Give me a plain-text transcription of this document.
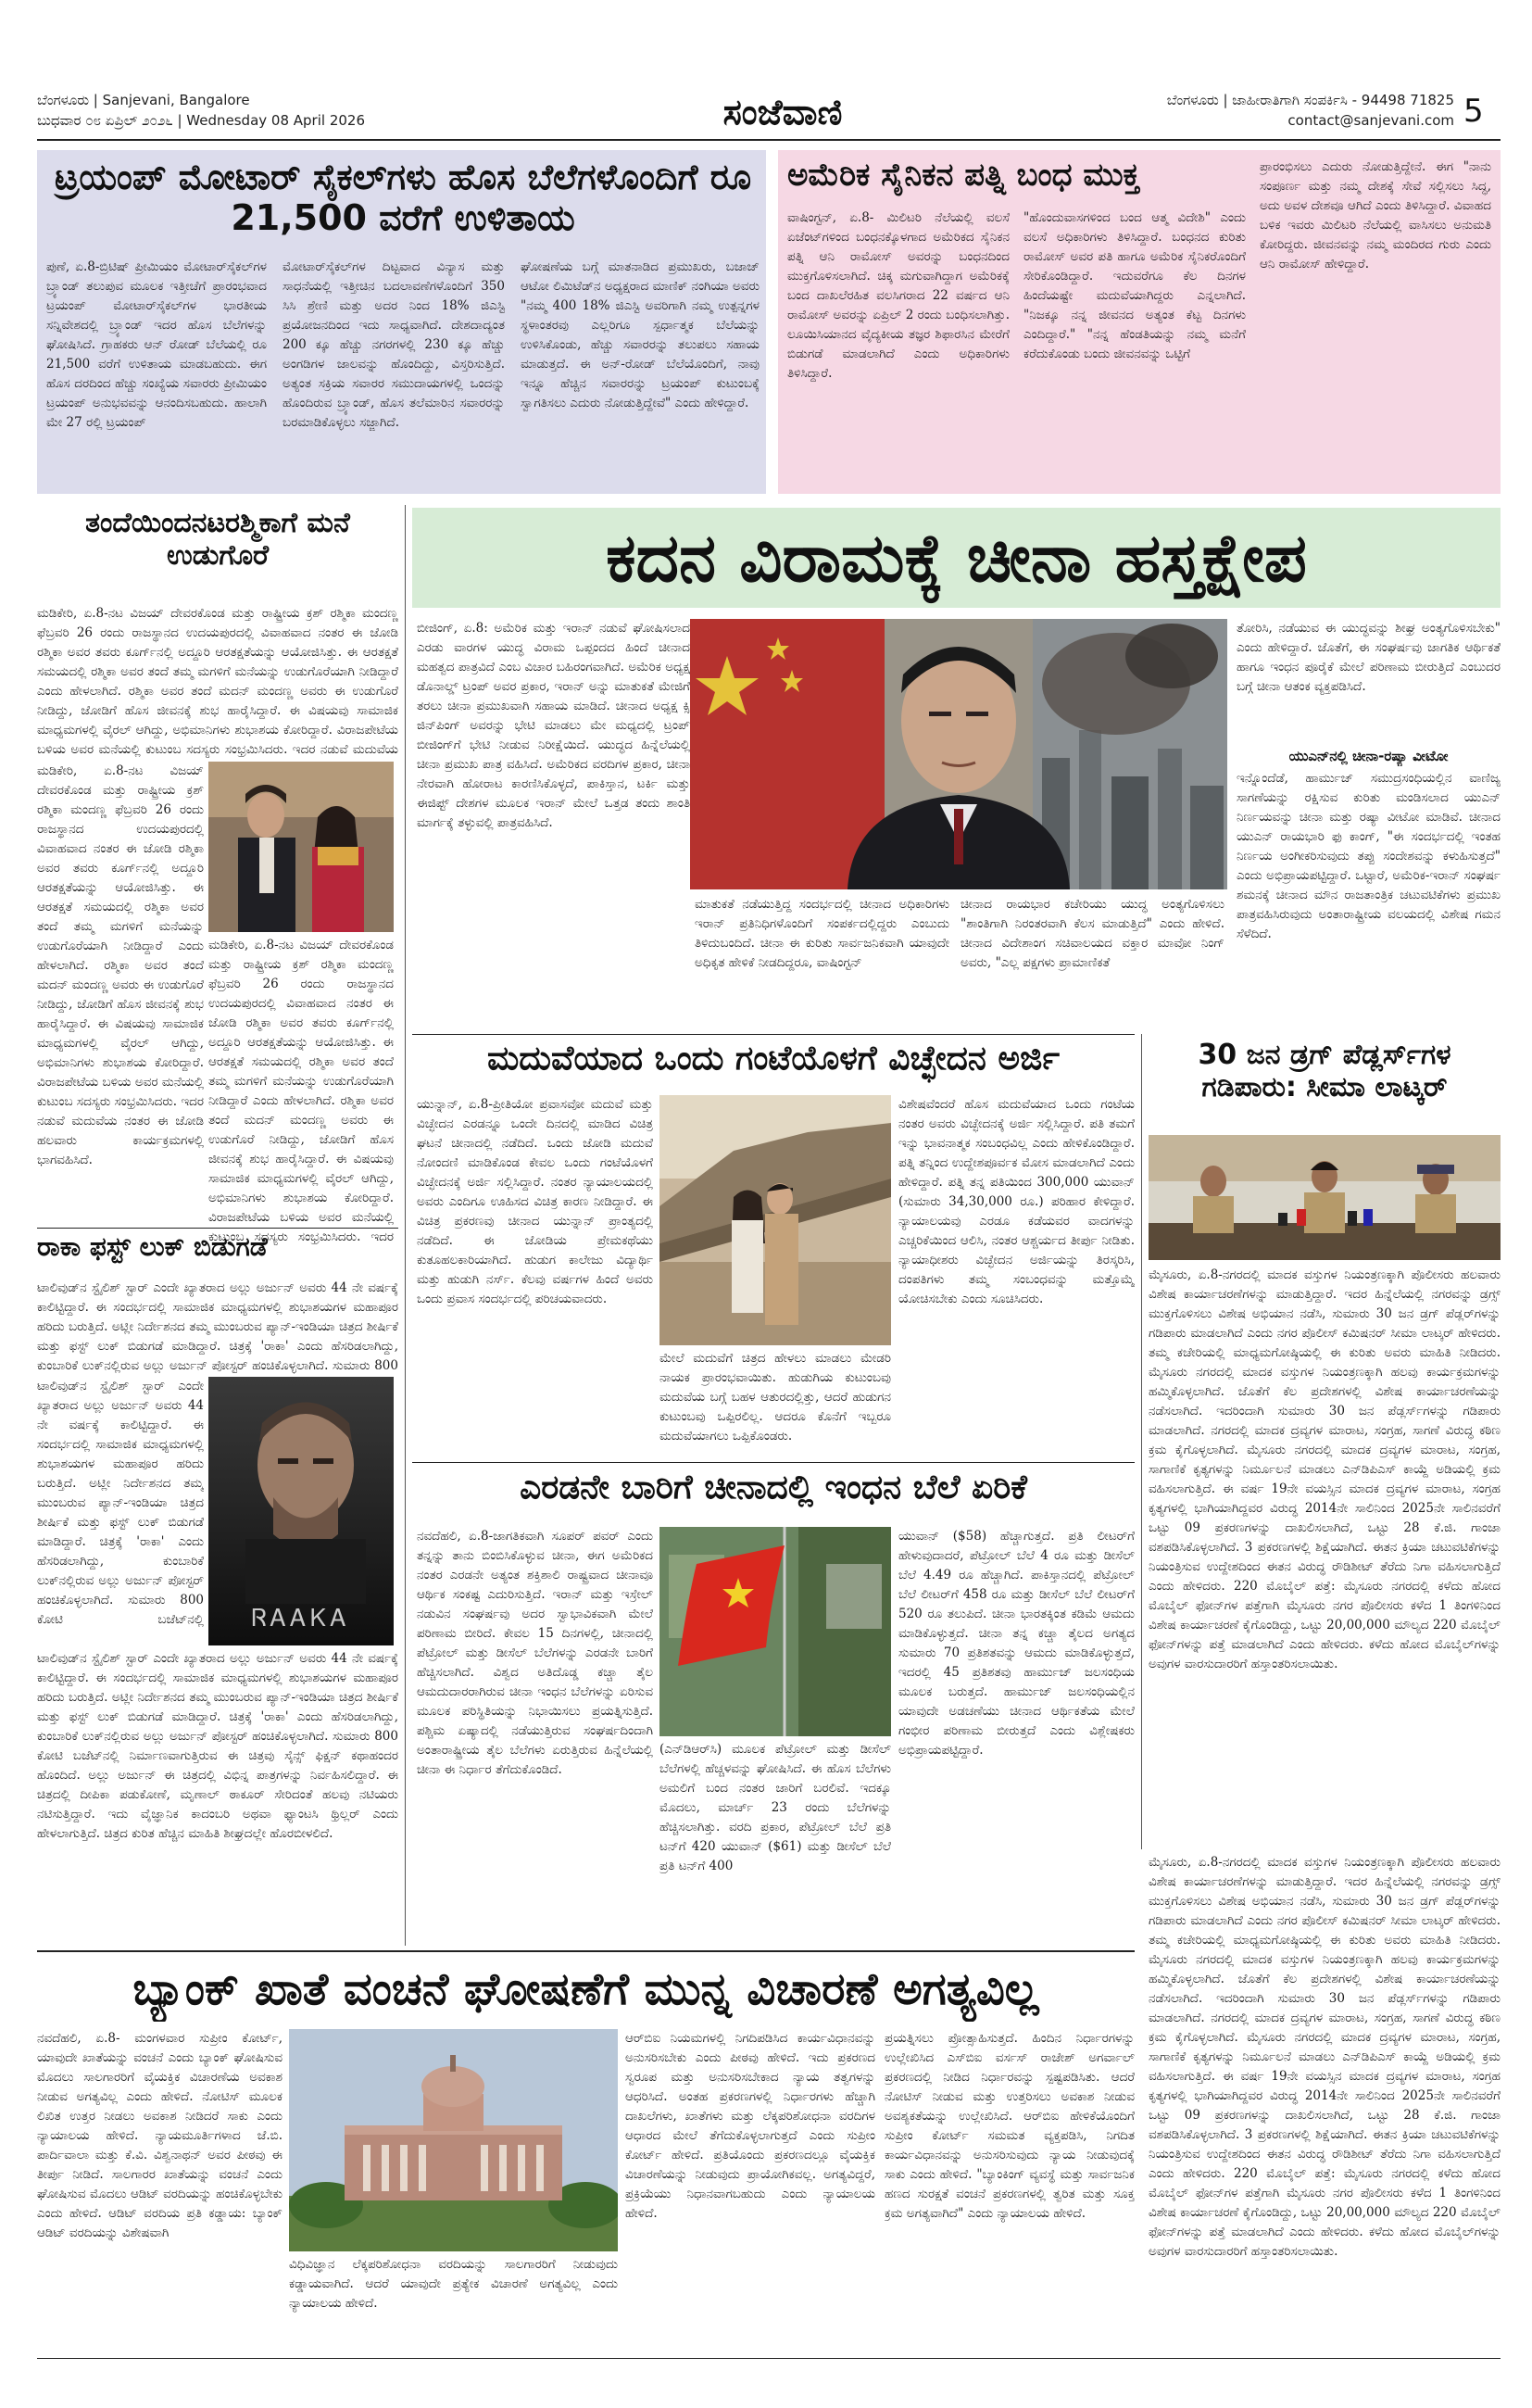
ಬೆಂಗಳೂರು | Sanjevani, Bangalore
ಬುಧವಾರ ೦೮ ಏಪ್ರಿಲ್ ೨೦೨೬ | Wednesday 08 April 2026	ಸಂಜೆವಾಣಿ	ಬೆಂಗಳೂರು | ಜಾಹೀರಾತಿಗಾಗಿ ಸಂಪರ್ಕಿಸಿ - 94498 71825
contact@sanjevani.com 5
ಟ್ರಯಂಪ್ ಮೋಟಾರ್ ಸೈಕಲ್‌ಗಳು ಹೊಸ ಬೆಲೆಗಳೊಂದಿಗೆ ರೂ 21,500 ವರೆಗೆ ಉಳಿತಾಯ
ಪುಣೆ, ಏ.8-ಬ್ರಿಟಿಷ್ ಪ್ರೀಮಿಯಂ ಮೋಟಾರ್‌ಸೈಕಲ್‌ಗಳ ಬ್ರ್ಯಾಂಡ್ ತಲುಪುವ ಮೂಲಕ ಇತ್ತೀಚೆಗೆ ಪ್ರಾರಂಭವಾದ ಟ್ರಯಂಪ್ ಮೋಟಾರ್‌ಸೈಕಲ್‌ಗಳ ಭಾರತೀಯ ಸನ್ನಿವೇಶದಲ್ಲಿ ಬ್ರ್ಯಾಂಡ್ ಇದರ ಹೊಸ ಬೆಲೆಗಳನ್ನು ಘೋಷಿಸಿದೆ. ಗ್ರಾಹಕರು ಆನ್ ರೋಡ್ ಬೆಲೆಯಲ್ಲಿ ರೂ 21,500 ವರೆಗೆ ಉಳಿತಾಯ ಮಾಡಬಹುದು. ಈಗ ಹೊಸ ದರದಿಂದ ಹೆಚ್ಚು ಸಂಖ್ಯೆಯ ಸವಾರರು ಪ್ರೀಮಿಯಂ ಟ್ರಯಂಪ್ ಅನುಭವವನ್ನು ಆನಂದಿಸಬಹುದು. ಹಾಲಾಗಿ ಮೇ 27 ರಲ್ಲಿ ಟ್ರಯಂಪ್
ಮೋಟಾರ್‌ಸೈಕಲ್‌ಗಳ ದಿಟ್ಟವಾದ ವಿನ್ಯಾಸ ಮತ್ತು ಸಾಧನೆಯಲ್ಲಿ ಇತ್ತೀಚಿನ ಬದಲಾವಣೆಗಳೊಂದಿಗೆ 350 ಸಿಸಿ ಶ್ರೇಣಿ ಮತ್ತು ಅದರ ನಿಂದ 18% ಜಿಎಸ್ಟಿ ಪ್ರಯೋಜನದಿಂದ ಇದು ಸಾಧ್ಯವಾಗಿದೆ. ದೇಶದಾದ್ಯಂತ 200 ಕ್ಕೂ ಹೆಚ್ಚು ನಗರಗಳಲ್ಲಿ 230 ಕ್ಕೂ ಹೆಚ್ಚು ಅಂಗಡಿಗಳ ಜಾಲವನ್ನು ಹೊಂದಿದ್ದು, ವಿಸ್ತರಿಸುತ್ತಿದೆ. ಅತ್ಯಂತ ಸಕ್ರಿಯ ಸವಾರರ ಸಮುದಾಯಗಳಲ್ಲಿ ಒಂದನ್ನು ಹೊಂದಿರುವ ಬ್ರ್ಯಾಂಡ್, ಹೊಸ ತಲೆಮಾರಿನ ಸವಾರರನ್ನು ಬರಮಾಡಿಕೊಳ್ಳಲು ಸಜ್ಜಾಗಿದೆ.
ಘೋಷಣೆಯ ಬಗ್ಗೆ ಮಾತನಾಡಿದ ಪ್ರಮುಖರು, ಬಜಾಜ್ ಆಟೋ ಲಿಮಿಟೆಡ್‌ನ ಅಧ್ಯಕ್ಷರಾದ ಮಾಣಿಕ್ ನಂಗಿಯಾ ಅವರು "ನಮ್ಮ 400 18% ಜಿಎಸ್ಟಿ ಅವರಿಗಾಗಿ ನಮ್ಮ ಉತ್ಪನ್ನಗಳ ಸ್ಥಳಾಂತರವು ಎಲ್ಲರಿಗೂ ಸ್ಪರ್ಧಾತ್ಮಕ ಬೆಲೆಯನ್ನು ಉಳಿಸಿಕೊಂಡು, ಹೆಚ್ಚು ಸವಾರರನ್ನು ತಲುಪಲು ಸಹಾಯ ಮಾಡುತ್ತದೆ. ಈ ಅನ್-ರೋಡ್ ಬೆಲೆಯೊಂದಿಗೆ, ನಾವು ಇನ್ನೂ ಹೆಚ್ಚಿನ ಸವಾರರನ್ನು ಟ್ರಯಂಪ್ ಕುಟುಂಬಕ್ಕೆ ಸ್ವಾಗತಿಸಲು ಎದುರು ನೋಡುತ್ತಿದ್ದೇವೆ" ಎಂದು ಹೇಳಿದ್ದಾರೆ.
ಅಮೆರಿಕ ಸೈನಿಕನ ಪತ್ನಿ ಬಂಧ ಮುಕ್ತ
ವಾಷಿಂಗ್ಟನ್, ಏ.8- ಮಿಲಿಟರಿ ನೆಲೆಯಲ್ಲಿ ವಲಸೆ ಏಜೆಂಟ್‌ಗಳಿಂದ ಬಂಧನಕ್ಕೊಳಗಾದ ಅಮೆರಿಕದ ಸೈನಿಕನ ಪತ್ನಿ ಆನಿ ರಾಮೋಸ್ ಅವರನ್ನು ಬಂಧನದಿಂದ ಮುಕ್ತಗೊಳಿಸಲಾಗಿದೆ. ಚಿಕ್ಕ ಮಗುವಾಗಿದ್ದಾಗ ಅಮೆರಿಕಕ್ಕೆ ಬಂದ ದಾಖಲೆರಹಿತ ವಲಸಿಗರಾದ 22 ವರ್ಷದ ಆನಿ ರಾಮೋಸ್ ಅವರನ್ನು ಏಪ್ರಿಲ್ 2 ರಂದು ಬಂಧಿಸಲಾಗಿತ್ತು. ಲೂಯಿಸಿಯಾನದ ವೈದ್ಯಕೀಯ ತಜ್ಞರ ಶಿಫಾರಸಿನ ಮೇರೆಗೆ ಬಿಡುಗಡೆ ಮಾಡಲಾಗಿದೆ ಎಂದು ಅಧಿಕಾರಿಗಳು ತಿಳಿಸಿದ್ದಾರೆ.
"ಹೊಂದುವಾಸಗಳಿಂದ ಬಂದ ಆತ್ಮ ವಿದೇಶಿ" ಎಂದು ವಲಸೆ ಅಧಿಕಾರಿಗಳು ತಿಳಿಸಿದ್ದಾರೆ. ಬಂಧನದ ಕುರಿತು ರಾಮೋಸ್ ಅವರ ಪತಿ ಹಾಗೂ ಅಮೆರಿಕ ಸೈನಿಕರೊಂದಿಗೆ ಸೇರಿಕೊಂಡಿದ್ದಾರೆ. ಇದುವರೆಗೂ ಕೆಲ ದಿನಗಳ ಹಿಂದೆಯಷ್ಟೇ ಮದುವೆಯಾಗಿದ್ದರು ಎನ್ನಲಾಗಿದೆ. "ನಿಜಕ್ಕೂ ನನ್ನ ಜೀವನದ ಅತ್ಯಂತ ಕೆಟ್ಟ ದಿನಗಳು ಎಂದಿದ್ದಾರೆ." "ನನ್ನ ಹೆಂಡತಿಯನ್ನು ನಮ್ಮ ಮನೆಗೆ ಕರೆದುಕೊಂಡು ಬಂದು ಜೀವನವನ್ನು ಒಟ್ಟಿಗೆ
ಪ್ರಾರಂಭಿಸಲು ಎದುರು ನೋಡುತ್ತಿದ್ದೇನೆ. ಈಗ "ನಾನು ಸಂಪೂರ್ಣ ಮತ್ತು ನಮ್ಮ ದೇಶಕ್ಕೆ ಸೇವೆ ಸಲ್ಲಿಸಲು ಸಿದ್ಧ, ಅದು ಅವಳ ದೇಶವೂ ಆಗಿದೆ ಎಂದು ತಿಳಿಸಿದ್ದಾರೆ. ವಿವಾಹದ ಬಳಿಕ ಇವರು ಮಿಲಿಟರಿ ನೆಲೆಯಲ್ಲಿ ವಾಸಿಸಲು ಅನುಮತಿ ಕೋರಿದ್ದರು. ಜೀವನವನ್ನು ನಮ್ಮ ಮಂದಿರದ ಗುರು ಎಂದು ಆನಿ ರಾಮೋಸ್ ಹೇಳಿದ್ದಾರೆ.
ತಂದೆಯಿಂದನಟರಶ್ಮಿಕಾಗೆ ಮನೆ ಉಡುಗೊರೆ
ಮಡಿಕೇರಿ, ಏ.8-ನಟ ವಿಜಯ್ ದೇವರಕೊಂಡ ಮತ್ತು ರಾಷ್ಟ್ರೀಯ ಕ್ರಶ್ ರಶ್ಮಿಕಾ ಮಂದಣ್ಣ ಫೆಬ್ರವರಿ 26 ರಂದು ರಾಜಸ್ಥಾನದ ಉದಯಪುರದಲ್ಲಿ ವಿವಾಹವಾದ ನಂತರ ಈ ಜೋಡಿ ರಶ್ಮಿಕಾ ಅವರ ತವರು ಕೂರ್ಗ್‌ನಲ್ಲಿ ಅದ್ದೂರಿ ಆರತಕ್ಷತೆಯನ್ನು ಆಯೋಜಿಸಿತ್ತು. ಈ ಆರತಕ್ಷತೆ ಸಮಯದಲ್ಲಿ ರಶ್ಮಿಕಾ ಅವರ ತಂದೆ ತಮ್ಮ ಮಗಳಿಗೆ ಮನೆಯನ್ನು ಉಡುಗೊರೆಯಾಗಿ ನೀಡಿದ್ದಾರೆ ಎಂದು ಹೇಳಲಾಗಿದೆ. ರಶ್ಮಿಕಾ ಅವರ ತಂದೆ ಮದನ್ ಮಂದಣ್ಣ ಅವರು ಈ ಉಡುಗೊರೆ ನೀಡಿದ್ದು, ಜೋಡಿಗೆ ಹೊಸ ಜೀವನಕ್ಕೆ ಶುಭ ಹಾರೈಸಿದ್ದಾರೆ. ಈ ವಿಷಯವು ಸಾಮಾಜಿಕ ಮಾಧ್ಯಮಗಳಲ್ಲಿ ವೈರಲ್ ಆಗಿದ್ದು, ಅಭಿಮಾನಿಗಳು ಶುಭಾಶಯ ಕೋರಿದ್ದಾರೆ. ವಿರಾಜಪೇಟೆಯ ಬಳಿಯ ಅವರ ಮನೆಯಲ್ಲಿ ಕುಟುಂಬ ಸದಸ್ಯರು ಸಂಭ್ರಮಿಸಿದರು. ಇದರ ನಡುವೆ ಮದುವೆಯ
ಮಡಿಕೇರಿ, ಏ.8-ನಟ ವಿಜಯ್ ದೇವರಕೊಂಡ ಮತ್ತು ರಾಷ್ಟ್ರೀಯ ಕ್ರಶ್ ರಶ್ಮಿಕಾ ಮಂದಣ್ಣ ಫೆಬ್ರವರಿ 26 ರಂದು ರಾಜಸ್ಥಾನದ ಉದಯಪುರದಲ್ಲಿ ವಿವಾಹವಾದ ನಂತರ ಈ ಜೋಡಿ ರಶ್ಮಿಕಾ ಅವರ ತವರು ಕೂರ್ಗ್‌ನಲ್ಲಿ ಅದ್ದೂರಿ ಆರತಕ್ಷತೆಯನ್ನು ಆಯೋಜಿಸಿತ್ತು. ಈ ಆರತಕ್ಷತೆ ಸಮಯದಲ್ಲಿ ರಶ್ಮಿಕಾ ಅವರ ತಂದೆ ತಮ್ಮ ಮಗಳಿಗೆ ಮನೆಯನ್ನು ಉಡುಗೊರೆಯಾಗಿ ನೀಡಿದ್ದಾರೆ ಎಂದು ಹೇಳಲಾಗಿದೆ. ರಶ್ಮಿಕಾ ಅವರ ತಂದೆ ಮದನ್ ಮಂದಣ್ಣ ಅವರು ಈ ಉಡುಗೊರೆ ನೀಡಿದ್ದು, ಜೋಡಿಗೆ ಹೊಸ ಜೀವನಕ್ಕೆ ಶುಭ ಹಾರೈಸಿದ್ದಾರೆ. ಈ ವಿಷಯವು ಸಾಮಾಜಿಕ ಮಾಧ್ಯಮಗಳಲ್ಲಿ ವೈರಲ್ ಆಗಿದ್ದು, ಅಭಿಮಾನಿಗಳು ಶುಭಾಶಯ ಕೋರಿದ್ದಾರೆ. ವಿರಾಜಪೇಟೆಯ ಬಳಿಯ ಅವರ ಮನೆಯಲ್ಲಿ ಕುಟುಂಬ ಸದಸ್ಯರು ಸಂಭ್ರಮಿಸಿದರು. ಇದರ ನಡುವೆ ಮದುವೆಯ ನಂತರ ಈ ಜೋಡಿ ಹಲವಾರು ಕಾರ್ಯಕ್ರಮಗಳಲ್ಲಿ ಭಾಗವಹಿಸಿದೆ.
ಮಡಿಕೇರಿ, ಏ.8-ನಟ ವಿಜಯ್ ದೇವರಕೊಂಡ ಮತ್ತು ರಾಷ್ಟ್ರೀಯ ಕ್ರಶ್ ರಶ್ಮಿಕಾ ಮಂದಣ್ಣ ಫೆಬ್ರವರಿ 26 ರಂದು ರಾಜಸ್ಥಾನದ ಉದಯಪುರದಲ್ಲಿ ವಿವಾಹವಾದ ನಂತರ ಈ ಜೋಡಿ ರಶ್ಮಿಕಾ ಅವರ ತವರು ಕೂರ್ಗ್‌ನಲ್ಲಿ ಅದ್ದೂರಿ ಆರತಕ್ಷತೆಯನ್ನು ಆಯೋಜಿಸಿತ್ತು. ಈ ಆರತಕ್ಷತೆ ಸಮಯದಲ್ಲಿ ರಶ್ಮಿಕಾ ಅವರ ತಂದೆ ತಮ್ಮ ಮಗಳಿಗೆ ಮನೆಯನ್ನು ಉಡುಗೊರೆಯಾಗಿ ನೀಡಿದ್ದಾರೆ ಎಂದು ಹೇಳಲಾಗಿದೆ. ರಶ್ಮಿಕಾ ಅವರ ತಂದೆ ಮದನ್ ಮಂದಣ್ಣ ಅವರು ಈ ಉಡುಗೊರೆ ನೀಡಿದ್ದು, ಜೋಡಿಗೆ ಹೊಸ ಜೀವನಕ್ಕೆ ಶುಭ ಹಾರೈಸಿದ್ದಾರೆ. ಈ ವಿಷಯವು ಸಾಮಾಜಿಕ ಮಾಧ್ಯಮಗಳಲ್ಲಿ ವೈರಲ್ ಆಗಿದ್ದು, ಅಭಿಮಾನಿಗಳು ಶುಭಾಶಯ ಕೋರಿದ್ದಾರೆ. ವಿರಾಜಪೇಟೆಯ ಬಳಿಯ ಅವರ ಮನೆಯಲ್ಲಿ ಕುಟುಂಬ ಸದಸ್ಯರು ಸಂಭ್ರಮಿಸಿದರು. ಇದರ
ರಾಕಾ ಫಸ್ಟ್ ಲುಕ್ ಬಿಡುಗಡೆ
ಟಾಲಿವುಡ್‌ನ ಸ್ಟೈಲಿಶ್ ಸ್ಟಾರ್ ಎಂದೇ ಖ್ಯಾತರಾದ ಅಲ್ಲು ಅರ್ಜುನ್ ಅವರು 44 ನೇ ವರ್ಷಕ್ಕೆ ಕಾಲಿಟ್ಟಿದ್ದಾರೆ. ಈ ಸಂದರ್ಭದಲ್ಲಿ ಸಾಮಾಜಿಕ ಮಾಧ್ಯಮಗಳಲ್ಲಿ ಶುಭಾಶಯಗಳ ಮಹಾಪೂರ ಹರಿದು ಬರುತ್ತಿದೆ. ಅಟ್ಲೀ ನಿರ್ದೇಶನದ ತಮ್ಮ ಮುಂಬರುವ ಪ್ಯಾನ್-ಇಂಡಿಯಾ ಚಿತ್ರದ ಶೀರ್ಷಿಕೆ ಮತ್ತು ಫಸ್ಟ್ ಲುಕ್ ಬಿಡುಗಡೆ ಮಾಡಿದ್ದಾರೆ. ಚಿತ್ರಕ್ಕೆ 'ರಾಕಾ' ಎಂದು ಹೆಸರಿಡಲಾಗಿದ್ದು, ಕುಂಬಾರಿಕೆ ಲುಕ್‌ನಲ್ಲಿರುವ ಅಲ್ಲು ಅರ್ಜುನ್ ಪೋಸ್ಟರ್ ಹಂಚಿಕೊಳ್ಳಲಾಗಿದೆ. ಸುಮಾರು 800
ಟಾಲಿವುಡ್‌ನ ಸ್ಟೈಲಿಶ್ ಸ್ಟಾರ್ ಎಂದೇ ಖ್ಯಾತರಾದ ಅಲ್ಲು ಅರ್ಜುನ್ ಅವರು 44 ನೇ ವರ್ಷಕ್ಕೆ ಕಾಲಿಟ್ಟಿದ್ದಾರೆ. ಈ ಸಂದರ್ಭದಲ್ಲಿ ಸಾಮಾಜಿಕ ಮಾಧ್ಯಮಗಳಲ್ಲಿ ಶುಭಾಶಯಗಳ ಮಹಾಪೂರ ಹರಿದು ಬರುತ್ತಿದೆ. ಅಟ್ಲೀ ನಿರ್ದೇಶನದ ತಮ್ಮ ಮುಂಬರುವ ಪ್ಯಾನ್-ಇಂಡಿಯಾ ಚಿತ್ರದ ಶೀರ್ಷಿಕೆ ಮತ್ತು ಫಸ್ಟ್ ಲುಕ್ ಬಿಡುಗಡೆ ಮಾಡಿದ್ದಾರೆ. ಚಿತ್ರಕ್ಕೆ 'ರಾಕಾ' ಎಂದು ಹೆಸರಿಡಲಾಗಿದ್ದು, ಕುಂಬಾರಿಕೆ ಲುಕ್‌ನಲ್ಲಿರುವ ಅಲ್ಲು ಅರ್ಜುನ್ ಪೋಸ್ಟರ್ ಹಂಚಿಕೊಳ್ಳಲಾಗಿದೆ. ಸುಮಾರು 800 ಕೋಟಿ ಬಜೆಟ್‌ನಲ್ಲಿ	ᏒᎪᎪᏦᎪ
ಟಾಲಿವುಡ್‌ನ ಸ್ಟೈಲಿಶ್ ಸ್ಟಾರ್ ಎಂದೇ ಖ್ಯಾತರಾದ ಅಲ್ಲು ಅರ್ಜುನ್ ಅವರು 44 ನೇ ವರ್ಷಕ್ಕೆ ಕಾಲಿಟ್ಟಿದ್ದಾರೆ. ಈ ಸಂದರ್ಭದಲ್ಲಿ ಸಾಮಾಜಿಕ ಮಾಧ್ಯಮಗಳಲ್ಲಿ ಶುಭಾಶಯಗಳ ಮಹಾಪೂರ ಹರಿದು ಬರುತ್ತಿದೆ. ಅಟ್ಲೀ ನಿರ್ದೇಶನದ ತಮ್ಮ ಮುಂಬರುವ ಪ್ಯಾನ್-ಇಂಡಿಯಾ ಚಿತ್ರದ ಶೀರ್ಷಿಕೆ ಮತ್ತು ಫಸ್ಟ್ ಲುಕ್ ಬಿಡುಗಡೆ ಮಾಡಿದ್ದಾರೆ. ಚಿತ್ರಕ್ಕೆ 'ರಾಕಾ' ಎಂದು ಹೆಸರಿಡಲಾಗಿದ್ದು, ಕುಂಬಾರಿಕೆ ಲುಕ್‌ನಲ್ಲಿರುವ ಅಲ್ಲು ಅರ್ಜುನ್ ಪೋಸ್ಟರ್ ಹಂಚಿಕೊಳ್ಳಲಾಗಿದೆ. ಸುಮಾರು 800 ಕೋಟಿ ಬಜೆಟ್‌ನಲ್ಲಿ ನಿರ್ಮಾಣವಾಗುತ್ತಿರುವ ಈ ಚಿತ್ರವು ಸೈನ್ಸ್ ಫಿಕ್ಷನ್ ಕಥಾಹಂದರ ಹೊಂದಿದೆ. ಅಲ್ಲು ಅರ್ಜುನ್ ಈ ಚಿತ್ರದಲ್ಲಿ ವಿಭಿನ್ನ ಪಾತ್ರಗಳನ್ನು ನಿರ್ವಹಿಸಲಿದ್ದಾರೆ. ಈ ಚಿತ್ರದಲ್ಲಿ ದೀಪಿಕಾ ಪಡುಕೋಣೆ, ಮೃಣಾಲ್ ಠಾಕೂರ್ ಸೇರಿದಂತೆ ಹಲವು ನಟಿಯರು ನಟಿಸುತ್ತಿದ್ದಾರೆ. ಇದು ವೈಜ್ಞಾನಿಕ ಕಾದಂಬರಿ ಅಥವಾ ಫ್ಯಾಂಟಸಿ ಥ್ರಿಲ್ಲರ್ ಎಂದು ಹೇಳಲಾಗುತ್ತಿದೆ. ಚಿತ್ರದ ಕುರಿತ ಹೆಚ್ಚಿನ ಮಾಹಿತಿ ಶೀಘ್ರದಲ್ಲೇ ಹೊರಬೀಳಲಿದೆ.
ಕದನ ವಿರಾಮಕ್ಕೆ ಚೀನಾ ಹಸ್ತಕ್ಷೇಪ
ಬೀಜಿಂಗ್, ಏ.8: ಅಮೆರಿಕ ಮತ್ತು ಇರಾನ್ ನಡುವೆ ಘೋಷಿಸಲಾದ ಎರಡು ವಾರಗಳ ಯುದ್ಧ ವಿರಾಮ ಒಪ್ಪಂದದ ಹಿಂದೆ ಚೀನಾದ ಮಹತ್ವದ ಪಾತ್ರವಿದೆ ಎಂಬ ವಿಚಾರ ಬಹಿರಂಗವಾಗಿದೆ. ಅಮೆರಿಕ ಅಧ್ಯಕ್ಷ ಡೊನಾಲ್ಡ್ ಟ್ರಂಪ್ ಅವರ ಪ್ರಕಾರ, ಇರಾನ್ ಅನ್ನು ಮಾತುಕತೆ ಮೇಜಿಗೆ ತರಲು ಚೀನಾ ಪ್ರಮುಖವಾಗಿ ಸಹಾಯ ಮಾಡಿದೆ. ಚೀನಾದ ಅಧ್ಯಕ್ಷ ಕ್ಸಿ ಜಿನ್‌ಪಿಂಗ್ ಅವರನ್ನು ಭೇಟಿ ಮಾಡಲು ಮೇ ಮಧ್ಯದಲ್ಲಿ ಟ್ರಂಪ್ ಬೀಜಿಂಗ್‌ಗೆ ಭೇಟಿ ನೀಡುವ ನಿರೀಕ್ಷೆಯಿದೆ. ಯುದ್ಧದ ಹಿನ್ನೆಲೆಯಲ್ಲಿ ಚೀನಾ ಪ್ರಮುಖ ಪಾತ್ರ ವಹಿಸಿದೆ. ಅಮೆರಿಕದ ವರದಿಗಳ ಪ್ರಕಾರ, ಚೀನಾ ನೇರವಾಗಿ ಹೋರಾಟ ಕಾರಣಿಸಿಕೊಳ್ಳದೆ, ಪಾಕಿಸ್ತಾನ, ಟರ್ಕಿ ಮತ್ತು ಈಜಿಪ್ಟ್ ದೇಶಗಳ ಮೂಲಕ ಇರಾನ್ ಮೇಲೆ ಒತ್ತಡ ತಂದು ಶಾಂತಿ ಮಾರ್ಗಕ್ಕೆ ತಳ್ಳುವಲ್ಲಿ ಪಾತ್ರವಹಿಸಿದೆ.
ಮಾತುಕತೆ ನಡೆಯುತ್ತಿದ್ದ ಸಂದರ್ಭದಲ್ಲಿ ಚೀನಾದ ಅಧಿಕಾರಿಗಳು ಇರಾನ್ ಪ್ರತಿನಿಧಿಗಳೊಂದಿಗೆ ಸಂಪರ್ಕದಲ್ಲಿದ್ದರು ಎಂಬುದು ತಿಳಿದುಬಂದಿದೆ. ಚೀನಾ ಈ ಕುರಿತು ಸಾರ್ವಜನಿಕವಾಗಿ ಯಾವುದೇ ಅಧಿಕೃತ ಹೇಳಿಕೆ ನೀಡದಿದ್ದರೂ, ವಾಷಿಂಗ್ಟನ್
ಚೀನಾದ ರಾಯಭಾರ ಕಚೇರಿಯು ಯುದ್ಧ ಅಂತ್ಯಗೊಳಿಸಲು "ಶಾಂತಿಗಾಗಿ ನಿರಂತರವಾಗಿ ಕೆಲಸ ಮಾಡುತ್ತಿದೆ" ಎಂದು ಹೇಳಿದೆ. ಚೀನಾದ ವಿದೇಶಾಂಗ ಸಚಿವಾಲಯದ ವಕ್ತಾರ ಮಾವೋ ನಿಂಗ್ ಅವರು, "ಎಲ್ಲ ಪಕ್ಷಗಳು ಪ್ರಾಮಾಣಿಕತೆ
ತೋರಿಸಿ, ನಡೆಯುವ ಈ ಯುದ್ಧವನ್ನು ಶೀಘ್ರ ಅಂತ್ಯಗೊಳಿಸಬೇಕು" ಎಂದು ಹೇಳಿದ್ದಾರೆ. ಜೊತೆಗೆ, ಈ ಸಂಘರ್ಷವು ಜಾಗತಿಕ ಆರ್ಥಿಕತೆ ಹಾಗೂ ಇಂಧನ ಪೂರೈಕೆ ಮೇಲೆ ಪರಿಣಾಮ ಬೀರುತ್ತಿದೆ ಎಂಬುದರ ಬಗ್ಗೆ ಚೀನಾ ಆತಂಕ ವ್ಯಕ್ತಪಡಿಸಿದೆ.
ಯುಎನ್‌ನಲ್ಲಿ ಚೀನಾ-ರಷ್ಯಾ ವೀಟೋ
ಇನ್ನೊಂದೆಡೆ, ಹಾರ್ಮುಜ್ ಸಮುದ್ರಸಂಧಿಯಲ್ಲಿನ ವಾಣಿಜ್ಯ ಸಾಗಣೆಯನ್ನು ರಕ್ಷಿಸುವ ಕುರಿತು ಮಂಡಿಸಲಾದ ಯುಎನ್ ನಿರ್ಣಯವನ್ನು ಚೀನಾ ಮತ್ತು ರಷ್ಯಾ ವೀಟೋ ಮಾಡಿವೆ. ಚೀನಾದ ಯುಎನ್ ರಾಯಭಾರಿ ಫು ಕಾಂಗ್, "ಈ ಸಂದರ್ಭದಲ್ಲಿ ಇಂತಹ ನಿರ್ಣಯ ಅಂಗೀಕರಿಸುವುದು ತಪ್ಪು ಸಂದೇಶವನ್ನು ಕಳುಹಿಸುತ್ತದೆ" ಎಂದು ಅಭಿಪ್ರಾಯಪಟ್ಟಿದ್ದಾರೆ. ಒಟ್ಟಾರೆ, ಅಮೆರಿಕ-ಇರಾನ್ ಸಂಘರ್ಷ ಶಮನಕ್ಕೆ ಚೀನಾದ ಮೌನ ರಾಜತಾಂತ್ರಿಕ ಚಟುವಟಿಕೆಗಳು ಪ್ರಮುಖ ಪಾತ್ರವಹಿಸಿರುವುದು ಅಂತಾರಾಷ್ಟ್ರೀಯ ವಲಯದಲ್ಲಿ ವಿಶೇಷ ಗಮನ ಸೆಳೆದಿದೆ.
ಮದುವೆಯಾದ ಒಂದು ಗಂಟೆಯೊಳಗೆ ವಿಚ್ಛೇದನ ಅರ್ಜಿ
ಯುನ್ನಾನ್, ಏ.8-ಪ್ರೀತಿಯೋ ಪ್ರವಾಸವೋ ಮದುವೆ ಮತ್ತು ವಿಚ್ಛೇದನ ಎರಡನ್ನೂ ಒಂದೇ ದಿನದಲ್ಲಿ ಮಾಡಿದ ವಿಚಿತ್ರ ಘಟನೆ ಚೀನಾದಲ್ಲಿ ನಡೆದಿದೆ. ಒಂದು ಜೋಡಿ ಮದುವೆ ನೋಂದಣಿ ಮಾಡಿಕೊಂಡ ಕೇವಲ ಒಂದು ಗಂಟೆಯೊಳಗೆ ವಿಚ್ಛೇದನಕ್ಕೆ ಅರ್ಜಿ ಸಲ್ಲಿಸಿದ್ದಾರೆ. ನಂತರ ನ್ಯಾಯಾಲಯದಲ್ಲಿ ಅವರು ಎಂದಿಗೂ ಊಹಿಸದ ವಿಚಿತ್ರ ಕಾರಣ ನೀಡಿದ್ದಾರೆ. ಈ ವಿಚಿತ್ರ ಪ್ರಕರಣವು ಚೀನಾದ ಯುನ್ನಾನ್ ಪ್ರಾಂತ್ಯದಲ್ಲಿ ನಡೆದಿದೆ. ಈ ಜೋಡಿಯ ಪ್ರೇಮಕಥೆಯು ಕುತೂಹಲಕಾರಿಯಾಗಿದೆ. ಹುಡುಗ ಕಾಲೇಜು ವಿದ್ಯಾರ್ಥಿ ಮತ್ತು ಹುಡುಗಿ ನರ್ಸ್. ಕೆಲವು ವರ್ಷಗಳ ಹಿಂದೆ ಅವರು ಒಂದು ಪ್ರವಾಸ ಸಂದರ್ಭದಲ್ಲಿ ಪರಿಚಯವಾದರು.
ಮೇಲೆ ಮದುವೆಗೆ ಚಿತ್ರದ ಹೇಳಲು ಮಾಡಲು ಮೇಡರಿ ನಾಯಕ ಪ್ರಾರಂಭವಾಯಿತು. ಹುಡುಗಿಯ ಕುಟುಂಬವು ಮದುವೆಯ ಬಗ್ಗೆ ಬಹಳ ಆತುರದಲ್ಲಿತ್ತು, ಆದರೆ ಹುಡುಗನ ಕುಟುಂಬವು ಒಪ್ಪಿರಲಿಲ್ಲ. ಆದರೂ ಕೊನೆಗೆ ಇಬ್ಬರೂ ಮದುವೆಯಾಗಲು ಒಪ್ಪಿಕೊಂಡರು.
ವಿಶೇಷವೆಂದರೆ ಹೊಸ ಮದುವೆಯಾದ ಒಂದು ಗಂಟೆಯ ನಂತರ ಅವರು ವಿಚ್ಛೇದನಕ್ಕೆ ಅರ್ಜಿ ಸಲ್ಲಿಸಿದ್ದಾರೆ. ಪತಿ ತಮಗೆ ಇನ್ನು ಭಾವನಾತ್ಮಕ ಸಂಬಂಧವಿಲ್ಲ ಎಂದು ಹೇಳಿಕೊಂಡಿದ್ದಾರೆ. ಪತ್ನಿ ತನ್ನಿಂದ ಉದ್ದೇಶಪೂರ್ವಕ ಮೋಸ ಮಾಡಲಾಗಿದೆ ಎಂದು ಹೇಳಿದ್ದಾರೆ. ಪತ್ನಿ ತನ್ನ ಪತಿಯಿಂದ 300,000 ಯುವಾನ್ (ಸುಮಾರು 34,30,000 ರೂ.) ಪರಿಹಾರ ಕೇಳಿದ್ದಾರೆ. ನ್ಯಾಯಾಲಯವು ಎರಡೂ ಕಡೆಯವರ ವಾದಗಳನ್ನು ಎಚ್ಚರಿಕೆಯಿಂದ ಆಲಿಸಿ, ನಂತರ ಆಶ್ಚರ್ಯದ ತೀರ್ಪು ನೀಡಿತು. ನ್ಯಾಯಾಧೀಶರು ವಿಚ್ಛೇದನ ಅರ್ಜಿಯನ್ನು ತಿರಸ್ಕರಿಸಿ, ದಂಪತಿಗಳು ತಮ್ಮ ಸಂಬಂಧವನ್ನು ಮತ್ತೊಮ್ಮೆ ಯೋಚಿಸಬೇಕು ಎಂದು ಸೂಚಿಸಿದರು.
30 ಜನ ಡ್ರಗ್ ಪೆಡ್ಲರ್ಸ್‌ಗಳ ಗಡಿಪಾರು: ಸೀಮಾ ಲಾಟ್ಕರ್
ಮೈಸೂರು, ಏ.8-ನಗರದಲ್ಲಿ ಮಾದಕ ವಸ್ತುಗಳ ನಿಯಂತ್ರಣಕ್ಕಾಗಿ ಪೊಲೀಸರು ಹಲವಾರು ವಿಶೇಷ ಕಾರ್ಯಾಚರಣೆಗಳನ್ನು ಮಾಡುತ್ತಿದ್ದಾರೆ. ಇದರ ಹಿನ್ನೆಲೆಯಲ್ಲಿ ನಗರವನ್ನು ಡ್ರಗ್ಸ್ ಮುಕ್ತಗೊಳಿಸಲು ವಿಶೇಷ ಅಭಿಯಾನ ನಡೆಸಿ, ಸುಮಾರು 30 ಜನ ಡ್ರಗ್ ಪೆಡ್ಲರ್‌ಗಳನ್ನು ಗಡಿಪಾರು ಮಾಡಲಾಗಿದೆ ಎಂದು ನಗರ ಪೊಲೀಸ್ ಕಮಿಷನರ್ ಸೀಮಾ ಲಾಟ್ಕರ್ ಹೇಳಿದರು. ತಮ್ಮ ಕಚೇರಿಯಲ್ಲಿ ಮಾಧ್ಯಮಗೋಷ್ಠಿಯಲ್ಲಿ ಈ ಕುರಿತು ಅವರು ಮಾಹಿತಿ ನೀಡಿದರು. ಮೈಸೂರು ನಗರದಲ್ಲಿ ಮಾದಕ ವಸ್ತುಗಳ ನಿಯಂತ್ರಣಕ್ಕಾಗಿ ಹಲವು ಕಾರ್ಯಕ್ರಮಗಳನ್ನು ಹಮ್ಮಿಕೊಳ್ಳಲಾಗಿದೆ. ಜೊತೆಗೆ ಕೆಲ ಪ್ರದೇಶಗಳಲ್ಲಿ ವಿಶೇಷ ಕಾರ್ಯಾಚರಣೆಯನ್ನು ನಡೆಸಲಾಗಿದೆ. ಇದರಿಂದಾಗಿ ಸುಮಾರು 30 ಜನ ಪೆಡ್ಲರ್ಸ್‌ಗಳನ್ನು ಗಡಿಪಾರು ಮಾಡಲಾಗಿದೆ. ನಗರದಲ್ಲಿ ಮಾದಕ ದ್ರವ್ಯಗಳ ಮಾರಾಟ, ಸಂಗ್ರಹ, ಸಾಗಣೆ ವಿರುದ್ಧ ಕಠಿಣ ಕ್ರಮ ಕೈಗೊಳ್ಳಲಾಗಿದೆ. ಮೈಸೂರು ನಗರದಲ್ಲಿ ಮಾದಕ ದ್ರವ್ಯಗಳ ಮಾರಾಟ, ಸಂಗ್ರಹ, ಸಾಗಾಣಿಕೆ ಕೃತ್ಯಗಳನ್ನು ನಿರ್ಮೂಲನೆ ಮಾಡಲು ಎನ್‌ಡಿಪಿಎಸ್ ಕಾಯ್ದೆ ಅಡಿಯಲ್ಲಿ ಕ್ರಮ ವಹಿಸಲಾಗುತ್ತಿದೆ. ಈ ವರ್ಷ 19ನೇ ವಯಸ್ಸಿನ ಮಾದಕ ದ್ರವ್ಯಗಳ ಮಾರಾಟ, ಸಂಗ್ರಹ ಕೃತ್ಯಗಳಲ್ಲಿ ಭಾಗಿಯಾಗಿದ್ದವರ ವಿರುದ್ಧ 2014ನೇ ಸಾಲಿನಿಂದ 2025ನೇ ಸಾಲಿನವರೆಗೆ ಒಟ್ಟು 09 ಪ್ರಕರಣಗಳನ್ನು ದಾಖಲಿಸಲಾಗಿದೆ, ಒಟ್ಟು 28 ಕೆ.ಜಿ. ಗಾಂಜಾ ವಶಪಡಿಸಿಕೊಳ್ಳಲಾಗಿದೆ. 3 ಪ್ರಕರಣಗಳಲ್ಲಿ ಶಿಕ್ಷೆಯಾಗಿದೆ. ಈತನ ಕ್ರಿಯಾ ಚಟುವಟಿಕೆಗಳನ್ನು ನಿಯಂತ್ರಿಸುವ ಉದ್ದೇಶದಿಂದ ಈತನ ವಿರುದ್ಧ ರೌಡಿಶೀಟ್ ತೆರೆದು ನಿಗಾ ವಹಿಸಲಾಗುತ್ತಿದೆ ಎಂದು ಹೇಳಿದರು. 220 ಮೊಬೈಲ್ ಪತ್ತೆ: ಮೈಸೂರು ನಗರದಲ್ಲಿ ಕಳೆದು ಹೋದ ಮೊಬೈಲ್ ಫೋನ್‌ಗಳ ಪತ್ತೆಗಾಗಿ ಮೈಸೂರು ನಗರ ಪೊಲೀಸರು ಕಳೆದ 1 ತಿಂಗಳಿನಿಂದ ವಿಶೇಷ ಕಾರ್ಯಾಚರಣೆ ಕೈಗೊಂಡಿದ್ದು, ಒಟ್ಟು 20,00,000 ಮೌಲ್ಯದ 220 ಮೊಬೈಲ್ ಫೋನ್‌ಗಳನ್ನು ಪತ್ತೆ ಮಾಡಲಾಗಿದೆ ಎಂದು ಹೇಳಿದರು. ಕಳೆದು ಹೋದ ಮೊಬೈಲ್‌ಗಳನ್ನು ಅವುಗಳ ವಾರಸುದಾರರಿಗೆ ಹಸ್ತಾಂತರಿಸಲಾಯಿತು.
ಎರಡನೇ ಬಾರಿಗೆ ಚೀನಾದಲ್ಲಿ ಇಂಧನ ಬೆಲೆ ಏರಿಕೆ
ನವದೆಹಲಿ, ಏ.8-ಜಾಗತಿಕವಾಗಿ ಸೂಪರ್ ಪವರ್ ಎಂದು ತನ್ನನ್ನು ತಾನು ಬಿಂಬಿಸಿಕೊಳ್ಳುವ ಚೀನಾ, ಈಗ ಅಮೆರಿಕದ ನಂತರ ಎರಡನೇ ಅತ್ಯಂತ ಶಕ್ತಿಶಾಲಿ ರಾಷ್ಟ್ರವಾದ ಚೀನಾವೂ ಆರ್ಥಿಕ ಸಂಕಷ್ಟ ಎದುರಿಸುತ್ತಿದೆ. ಇರಾನ್ ಮತ್ತು ಇಸ್ರೇಲ್ ನಡುವಿನ ಸಂಘರ್ಷವು ಅದರ ಸ್ವಾಭಾವಿಕವಾಗಿ ಮೇಲೆ ಪರಿಣಾಮ ಬೀರಿದೆ. ಕೇವಲ 15 ದಿನಗಳಲ್ಲಿ, ಚೀನಾದಲ್ಲಿ ಪೆಟ್ರೋಲ್ ಮತ್ತು ಡೀಸೆಲ್ ಬೆಲೆಗಳನ್ನು ಎರಡನೇ ಬಾರಿಗೆ ಹೆಚ್ಚಿಸಲಾಗಿದೆ. ವಿಶ್ವದ ಅತಿದೊಡ್ಡ ಕಚ್ಚಾ ತೈಲ ಆಮದುದಾರರಾಗಿರುವ ಚೀನಾ ಇಂಧನ ಬೆಲೆಗಳನ್ನು ಏರಿಸುವ ಮೂಲಕ ಪರಿಸ್ಥಿತಿಯನ್ನು ನಿಭಾಯಿಸಲು ಪ್ರಯತ್ನಿಸುತ್ತಿದೆ. ಪಶ್ಚಿಮ ಏಷ್ಯಾದಲ್ಲಿ ನಡೆಯುತ್ತಿರುವ ಸಂಘರ್ಷದಿಂದಾಗಿ ಅಂತಾರಾಷ್ಟ್ರೀಯ ತೈಲ ಬೆಲೆಗಳು ಏರುತ್ತಿರುವ ಹಿನ್ನೆಲೆಯಲ್ಲಿ ಚೀನಾ ಈ ನಿರ್ಧಾರ ತೆಗೆದುಕೊಂಡಿದೆ.
(ಎನ್‌ಡಿಆರ್‌ಸಿ) ಮೂಲಕ ಪೆಟ್ರೋಲ್ ಮತ್ತು ಡೀಸೆಲ್ ಬೆಲೆಗಳಲ್ಲಿ ಹೆಚ್ಚಳವನ್ನು ಘೋಷಿಸಿದೆ. ಈ ಹೊಸ ಬೆಲೆಗಳು ಅಮಲಿಗೆ ಬಂದ ನಂತರ ಜಾರಿಗೆ ಬರಲಿವೆ. ಇದಕ್ಕೂ ಮೊದಲು, ಮಾರ್ಚ್ 23 ರಂದು ಬೆಲೆಗಳನ್ನು ಹೆಚ್ಚಿಸಲಾಗಿತ್ತು. ವರದಿ ಪ್ರಕಾರ, ಪೆಟ್ರೋಲ್ ಬೆಲೆ ಪ್ರತಿ ಟನ್‌ಗೆ 420 ಯುವಾನ್ ($61) ಮತ್ತು ಡೀಸೆಲ್ ಬೆಲೆ ಪ್ರತಿ ಟನ್‌ಗೆ 400
ಯುವಾನ್ ($58) ಹೆಚ್ಚಾಗುತ್ತದೆ. ಪ್ರತಿ ಲೀಟರ್‌ಗೆ ಹೇಳುವುದಾದರೆ, ಪೆಟ್ರೋಲ್ ಬೆಲೆ 4 ರೂ ಮತ್ತು ಡೀಸೆಲ್ ಬೆಲೆ 4.49 ರೂ ಹೆಚ್ಚಾಗಿದೆ. ಪಾಕಿಸ್ತಾನದಲ್ಲಿ ಪೆಟ್ರೋಲ್ ಬೆಲೆ ಲೀಟರ್‌ಗೆ 458 ರೂ ಮತ್ತು ಡೀಸೆಲ್ ಬೆಲೆ ಲೀಟರ್‌ಗೆ 520 ರೂ ತಲುಪಿದೆ. ಚೀನಾ ಭಾರತಕ್ಕಿಂತ ಕಡಿಮೆ ಆಮದು ಮಾಡಿಕೊಳ್ಳುತ್ತದೆ. ಚೀನಾ ತನ್ನ ಕಚ್ಚಾ ತೈಲದ ಅಗತ್ಯದ ಸುಮಾರು 70 ಪ್ರತಿಶತವನ್ನು ಆಮದು ಮಾಡಿಕೊಳ್ಳುತ್ತದೆ, ಇದರಲ್ಲಿ 45 ಪ್ರತಿಶತವು ಹಾರ್ಮುಜ್ ಜಲಸಂಧಿಯ ಮೂಲಕ ಬರುತ್ತದೆ. ಹಾರ್ಮುಜ್ ಜಲಸಂಧಿಯಲ್ಲಿನ ಯಾವುದೇ ಅಡಚಣೆಯು ಚೀನಾದ ಆರ್ಥಿಕತೆಯ ಮೇಲೆ ಗಂಭೀರ ಪರಿಣಾಮ ಬೀರುತ್ತದೆ ಎಂದು ವಿಶ್ಲೇಷಕರು ಅಭಿಪ್ರಾಯಪಟ್ಟಿದ್ದಾರೆ.
ಬ್ಯಾಂಕ್ ಖಾತೆ ವಂಚನೆ ಘೋಷಣೆಗೆ ಮುನ್ನ ವಿಚಾರಣೆ ಅಗತ್ಯವಿಲ್ಲ
ನವದೆಹಲಿ, ಏ.8- ಮಂಗಳವಾರ ಸುಪ್ರೀಂ ಕೋರ್ಟ್, ಯಾವುದೇ ಖಾತೆಯನ್ನು ವಂಚನೆ ಎಂದು ಬ್ಯಾಂಕ್ ಘೋಷಿಸುವ ಮೊದಲು ಸಾಲಗಾರರಿಗೆ ವೈಯಕ್ತಿಕ ವಿಚಾರಣೆಯ ಅವಕಾಶ ನೀಡುವ ಅಗತ್ಯವಿಲ್ಲ ಎಂದು ಹೇಳಿದೆ. ನೋಟಿಸ್ ಮೂಲಕ ಲಿಖಿತ ಉತ್ತರ ನೀಡಲು ಅವಕಾಶ ನೀಡಿದರೆ ಸಾಕು ಎಂದು ನ್ಯಾಯಾಲಯ ಹೇಳಿದೆ. ನ್ಯಾಯಮೂರ್ತಿಗಳಾದ ಜೆ.ಬಿ. ಪಾರ್ದಿವಾಲಾ ಮತ್ತು ಕೆ.ವಿ. ವಿಶ್ವನಾಥನ್ ಅವರ ಪೀಠವು ಈ ತೀರ್ಪು ನೀಡಿದೆ. ಸಾಲಗಾರರ ಖಾತೆಯನ್ನು ವಂಚನೆ ಎಂದು ಘೋಷಿಸುವ ಮೊದಲು ಆಡಿಟ್ ವರದಿಯನ್ನು ಹಂಚಿಕೊಳ್ಳಬೇಕು ಎಂದು ಹೇಳಿದೆ. ಆಡಿಟ್ ವರದಿಯ ಪ್ರತಿ ಕಡ್ಡಾಯ: ಬ್ಯಾಂಕ್ ಆಡಿಟ್ ವರದಿಯನ್ನು ವಿಶೇಷವಾಗಿ
ವಿಧಿವಿಜ್ಞಾನ ಲೆಕ್ಕಪರಿಶೋಧನಾ ವರದಿಯನ್ನು ಸಾಲಗಾರರಿಗೆ ನೀಡುವುದು ಕಡ್ಡಾಯವಾಗಿದೆ. ಆದರೆ ಯಾವುದೇ ಪ್ರತ್ಯೇಕ ವಿಚಾರಣೆ ಅಗತ್ಯವಿಲ್ಲ ಎಂದು ನ್ಯಾಯಾಲಯ ಹೇಳಿದೆ.
ಆರ್‌ಬಿಐ ನಿಯಮಗಳಲ್ಲಿ ನಿಗದಿಪಡಿಸಿದ ಕಾರ್ಯವಿಧಾನವನ್ನು ಅನುಸರಿಸಬೇಕು ಎಂದು ಪೀಠವು ಹೇಳಿದೆ. ಇದು ಪ್ರಕರಣದ ಸ್ವರೂಪ ಮತ್ತು ಅನುಸರಿಸಬೇಕಾದ ನ್ಯಾಯ ತತ್ವಗಳನ್ನು ಆಧರಿಸಿದೆ. ಅಂತಹ ಪ್ರಕರಣಗಳಲ್ಲಿ ನಿರ್ಧಾರಗಳು ಹೆಚ್ಚಾಗಿ ದಾಖಲೆಗಳು, ಖಾತೆಗಳು ಮತ್ತು ಲೆಕ್ಕಪರಿಶೋಧನಾ ವರದಿಗಳ ಆಧಾರದ ಮೇಲೆ ತೆಗೆದುಕೊಳ್ಳಲಾಗುತ್ತದೆ ಎಂದು ಸುಪ್ರೀಂ ಕೋರ್ಟ್ ಹೇಳಿದೆ. ಪ್ರತಿಯೊಂದು ಪ್ರಕರಣದಲ್ಲೂ ವೈಯಕ್ತಿಕ ವಿಚಾರಣೆಯನ್ನು ನೀಡುವುದು ಪ್ರಾಯೋಗಿಕವಲ್ಲ. ಅಗತ್ಯವಿದ್ದರೆ, ಪ್ರಕ್ರಿಯೆಯು ನಿಧಾನವಾಗಬಹುದು ಎಂದು ನ್ಯಾಯಾಲಯ ಹೇಳಿದೆ.
ಪ್ರಯತ್ನಿಸಲು ಪ್ರೋತ್ಸಾಹಿಸುತ್ತದೆ. ಹಿಂದಿನ ನಿರ್ಧಾರಗಳನ್ನು ಉಲ್ಲೇಖಿಸಿದ ಎಸ್‌ಬಿಐ ವರ್ಸಸ್ ರಾಜೇಶ್ ಅಗರ್ವಾಲ್ ಪ್ರಕರಣದಲ್ಲಿ ನೀಡಿದ ನಿರ್ಧಾರವನ್ನು ಸ್ಪಷ್ಟಪಡಿಸಿತು. ಆದರೆ ನೋಟಿಸ್ ನೀಡುವ ಮತ್ತು ಉತ್ತರಿಸಲು ಅವಕಾಶ ನೀಡುವ ಅವಶ್ಯಕತೆಯನ್ನು ಉಲ್ಲೇಖಿಸಿದೆ. ಆರ್‌ಬಿಐ ಹೇಳಿಕೆಯೊಂದಿಗೆ ಸುಪ್ರೀಂ ಕೋರ್ಟ್ ಸಮಮತ ವ್ಯಕ್ತಪಡಿಸಿ, ನಿಗದಿತ ಕಾರ್ಯವಿಧಾನವನ್ನು ಅನುಸರಿಸುವುದು ನ್ಯಾಯ ನೀಡುವುದಕ್ಕೆ ಸಾಕು ಎಂದು ಹೇಳಿದೆ. "ಬ್ಯಾಂಕಿಂಗ್ ವ್ಯವಸ್ಥೆ ಮತ್ತು ಸಾರ್ವಜನಿಕ ಹಣದ ಸುರಕ್ಷತೆ ವಂಚನೆ ಪ್ರಕರಣಗಳಲ್ಲಿ ತ್ವರಿತ ಮತ್ತು ಸೂಕ್ತ ಕ್ರಮ ಅಗತ್ಯವಾಗಿದೆ" ಎಂದು ನ್ಯಾಯಾಲಯ ಹೇಳಿದೆ.
ಮೈಸೂರು, ಏ.8-ನಗರದಲ್ಲಿ ಮಾದಕ ವಸ್ತುಗಳ ನಿಯಂತ್ರಣಕ್ಕಾಗಿ ಪೊಲೀಸರು ಹಲವಾರು ವಿಶೇಷ ಕಾರ್ಯಾಚರಣೆಗಳನ್ನು ಮಾಡುತ್ತಿದ್ದಾರೆ. ಇದರ ಹಿನ್ನೆಲೆಯಲ್ಲಿ ನಗರವನ್ನು ಡ್ರಗ್ಸ್ ಮುಕ್ತಗೊಳಿಸಲು ವಿಶೇಷ ಅಭಿಯಾನ ನಡೆಸಿ, ಸುಮಾರು 30 ಜನ ಡ್ರಗ್ ಪೆಡ್ಲರ್‌ಗಳನ್ನು ಗಡಿಪಾರು ಮಾಡಲಾಗಿದೆ ಎಂದು ನಗರ ಪೊಲೀಸ್ ಕಮಿಷನರ್ ಸೀಮಾ ಲಾಟ್ಕರ್ ಹೇಳಿದರು. ತಮ್ಮ ಕಚೇರಿಯಲ್ಲಿ ಮಾಧ್ಯಮಗೋಷ್ಠಿಯಲ್ಲಿ ಈ ಕುರಿತು ಅವರು ಮಾಹಿತಿ ನೀಡಿದರು. ಮೈಸೂರು ನಗರದಲ್ಲಿ ಮಾದಕ ವಸ್ತುಗಳ ನಿಯಂತ್ರಣಕ್ಕಾಗಿ ಹಲವು ಕಾರ್ಯಕ್ರಮಗಳನ್ನು ಹಮ್ಮಿಕೊಳ್ಳಲಾಗಿದೆ. ಜೊತೆಗೆ ಕೆಲ ಪ್ರದೇಶಗಳಲ್ಲಿ ವಿಶೇಷ ಕಾರ್ಯಾಚರಣೆಯನ್ನು ನಡೆಸಲಾಗಿದೆ. ಇದರಿಂದಾಗಿ ಸುಮಾರು 30 ಜನ ಪೆಡ್ಲರ್ಸ್‌ಗಳನ್ನು ಗಡಿಪಾರು ಮಾಡಲಾಗಿದೆ. ನಗರದಲ್ಲಿ ಮಾದಕ ದ್ರವ್ಯಗಳ ಮಾರಾಟ, ಸಂಗ್ರಹ, ಸಾಗಣೆ ವಿರುದ್ಧ ಕಠಿಣ ಕ್ರಮ ಕೈಗೊಳ್ಳಲಾಗಿದೆ. ಮೈಸೂರು ನಗರದಲ್ಲಿ ಮಾದಕ ದ್ರವ್ಯಗಳ ಮಾರಾಟ, ಸಂಗ್ರಹ, ಸಾಗಾಣಿಕೆ ಕೃತ್ಯಗಳನ್ನು ನಿರ್ಮೂಲನೆ ಮಾಡಲು ಎನ್‌ಡಿಪಿಎಸ್ ಕಾಯ್ದೆ ಅಡಿಯಲ್ಲಿ ಕ್ರಮ ವಹಿಸಲಾಗುತ್ತಿದೆ. ಈ ವರ್ಷ 19ನೇ ವಯಸ್ಸಿನ ಮಾದಕ ದ್ರವ್ಯಗಳ ಮಾರಾಟ, ಸಂಗ್ರಹ ಕೃತ್ಯಗಳಲ್ಲಿ ಭಾಗಿಯಾಗಿದ್ದವರ ವಿರುದ್ಧ 2014ನೇ ಸಾಲಿನಿಂದ 2025ನೇ ಸಾಲಿನವರೆಗೆ ಒಟ್ಟು 09 ಪ್ರಕರಣಗಳನ್ನು ದಾಖಲಿಸಲಾಗಿದೆ, ಒಟ್ಟು 28 ಕೆ.ಜಿ. ಗಾಂಜಾ ವಶಪಡಿಸಿಕೊಳ್ಳಲಾಗಿದೆ. 3 ಪ್ರಕರಣಗಳಲ್ಲಿ ಶಿಕ್ಷೆಯಾಗಿದೆ. ಈತನ ಕ್ರಿಯಾ ಚಟುವಟಿಕೆಗಳನ್ನು ನಿಯಂತ್ರಿಸುವ ಉದ್ದೇಶದಿಂದ ಈತನ ವಿರುದ್ಧ ರೌಡಿಶೀಟ್ ತೆರೆದು ನಿಗಾ ವಹಿಸಲಾಗುತ್ತಿದೆ ಎಂದು ಹೇಳಿದರು. 220 ಮೊಬೈಲ್ ಪತ್ತೆ: ಮೈಸೂರು ನಗರದಲ್ಲಿ ಕಳೆದು ಹೋದ ಮೊಬೈಲ್ ಫೋನ್‌ಗಳ ಪತ್ತೆಗಾಗಿ ಮೈಸೂರು ನಗರ ಪೊಲೀಸರು ಕಳೆದ 1 ತಿಂಗಳಿನಿಂದ ವಿಶೇಷ ಕಾರ್ಯಾಚರಣೆ ಕೈಗೊಂಡಿದ್ದು, ಒಟ್ಟು 20,00,000 ಮೌಲ್ಯದ 220 ಮೊಬೈಲ್ ಫೋನ್‌ಗಳನ್ನು ಪತ್ತೆ ಮಾಡಲಾಗಿದೆ ಎಂದು ಹೇಳಿದರು. ಕಳೆದು ಹೋದ ಮೊಬೈಲ್‌ಗಳನ್ನು ಅವುಗಳ ವಾರಸುದಾರರಿಗೆ ಹಸ್ತಾಂತರಿಸಲಾಯಿತು.
